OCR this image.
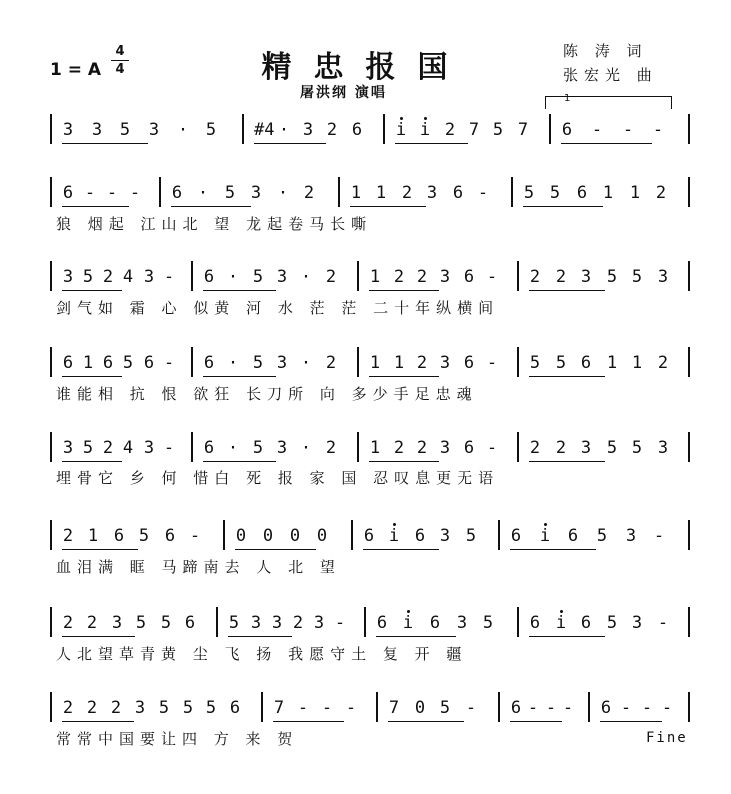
精忠报国
1 = A
4
4
屠洪纲 演唱
陈 涛 词
张宏光 曲
1
3 3 5 3 · 5 #4 · 3 2 6 i i 2 7 5 7 6 - - -
6 - - - 6 · 5 3 · 2 1 1 2 3 6 - 5 5 6 1 1 2
狼 烟起 江山北 望 龙起卷马长嘶
3 5 2 4 3 - 6 · 5 3 · 2 1 2 2 3 6 - 2 2 3 5 5 3
剑气如 霜 心 似黄 河 水 茫 茫 二十年纵横间
6 1 6 5 6 - 6 · 5 3 · 2 1 1 2 3 6 - 5 5 6 1 1 2
谁能相 抗 恨 欲狂 长刀所 向 多少手足忠魂
3 5 2 4 3 - 6 · 5 3 · 2 1 2 2 3 6 - 2 2 3 5 5 3
埋骨它 乡 何 惜白 死 报 家 国 忍叹息更无语
2 1 6 5 6 - 0 0 0 0 6 i 6 3 5 6 i 6 5 3 -
血泪满 眶 马蹄南去 人 北 望
2 2 3 5 5 6 5 3 3 2 3 - 6 i 6 3 5 6 i 6 5 3 -
人北望草青黄 尘 飞 扬 我愿守土 复 开 疆
2 2 2 3 5 5 5 6 7 - - - 7 0 5 - 6 - - - 6 - - -
常常中国要让四 方 来 贺	Fine
